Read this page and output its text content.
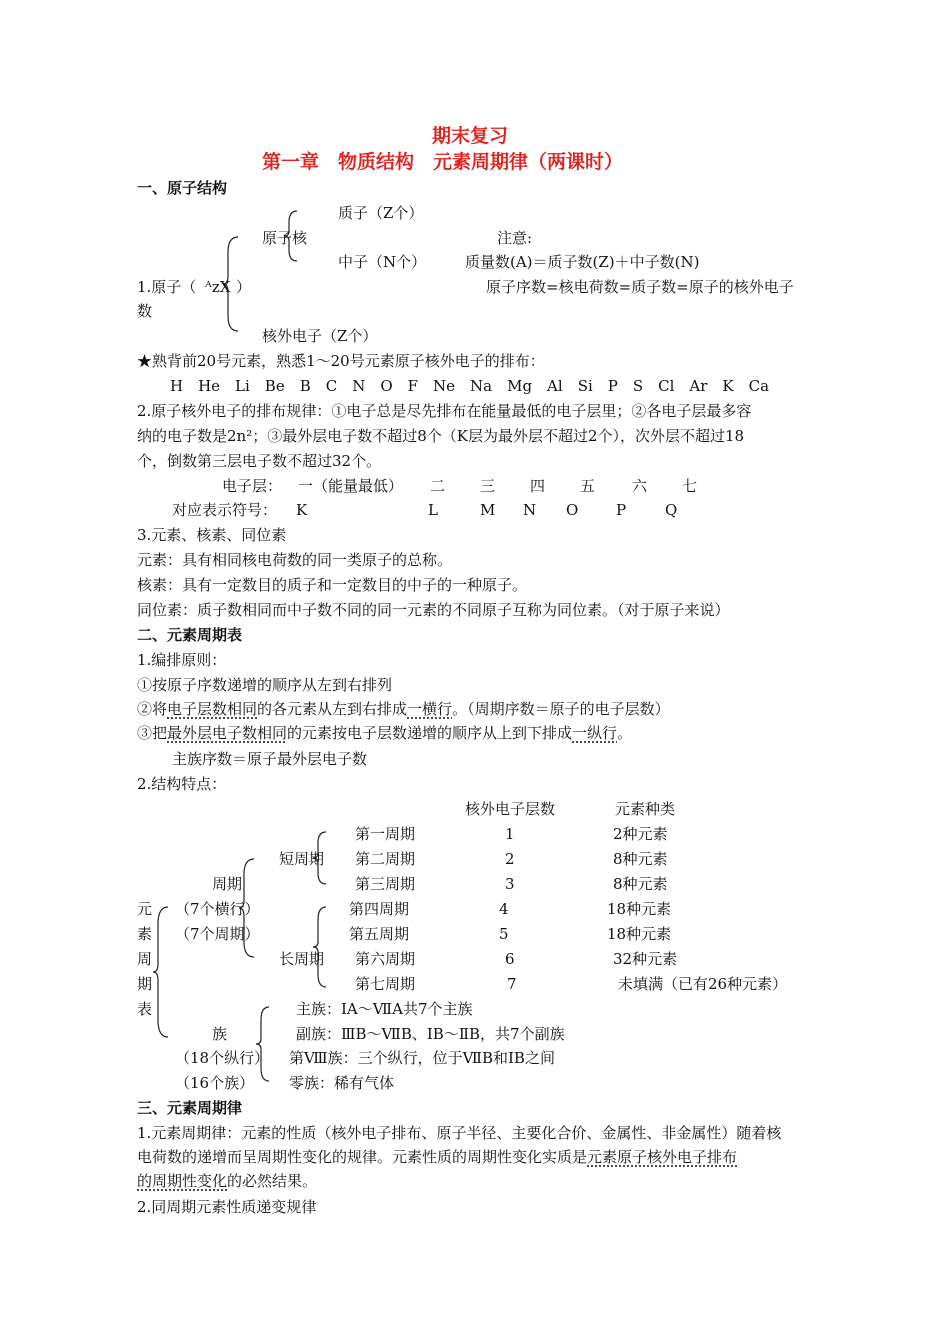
期末复习
第一章　物质结构　元素周期律（两课时）
一、原子结构
质子（Z个）
原子核	注意:
中子（N个）	质量数(A)＝质子数(Z)＋中子数(N)
1.原子（ ᴬzX ）	原子序数=核电荷数=质子数=原子的核外电子
数
核外电子（Z个）
★熟背前20号元素，熟悉1～20号元素原子核外电子的排布：
H　He　Li　Be　B　C　N　O　F　Ne　Na　Mg　Al　Si　P　S　Cl　Ar　K　Ca
2.原子核外电子的排布规律：①电子总是尽先排布在能量最低的电子层里；②各电子层最多容
纳的电子数是2n²；③最外层电子数不超过8个（K层为最外层不超过2个），次外层不超过18
个，倒数第三层电子数不超过32个。
电子层： 一（能量最低） 二 三 四 五 六 七
对应表示符号： K	L	M N O	P	Q
3.元素、核素、同位素
元素：具有相同核电荷数的同一类原子的总称。
核素：具有一定数目的质子和一定数目的中子的一种原子。
同位素：质子数相同而中子数不同的同一元素的不同原子互称为同位素。（对于原子来说）
二、元素周期表
1.编排原则：
①按原子序数递增的顺序从左到右排列
②将电子层数相同的各元素从左到右排成一横行。（周期序数＝原子的电子层数）
③把最外层电子数相同的元素按电子层数递增的顺序从上到下排成一纵行。
主族序数＝原子最外层电子数
2.结构特点：
核外电子层数	元素种类
第一周期	1	2种元素
第二周期	2	8种元素
第三周期	3	8种元素
第四周期	4	18种元素
第五周期	5	18种元素
第六周期	6	32种元素
第七周期	7	未填满（已有26种元素）
短周期
长周期
周期
（7个横行）
（7个周期）
元
素
周
期
表
族
（18个纵行）
（16个族）
主族：ⅠA～ⅦA共7个主族
副族：ⅢB～ⅦB、ⅠB～ⅡB，共7个副族
第Ⅷ族：三个纵行，位于ⅦB和ⅠB之间
零族：稀有气体
三、元素周期律
1.元素周期律：元素的性质（核外电子排布、原子半径、主要化合价、金属性、非金属性）随着核
电荷数的递增而呈周期性变化的规律。元素性质的周期性变化实质是元素原子核外电子排布
的周期性变化的必然结果。
2.同周期元素性质递变规律
